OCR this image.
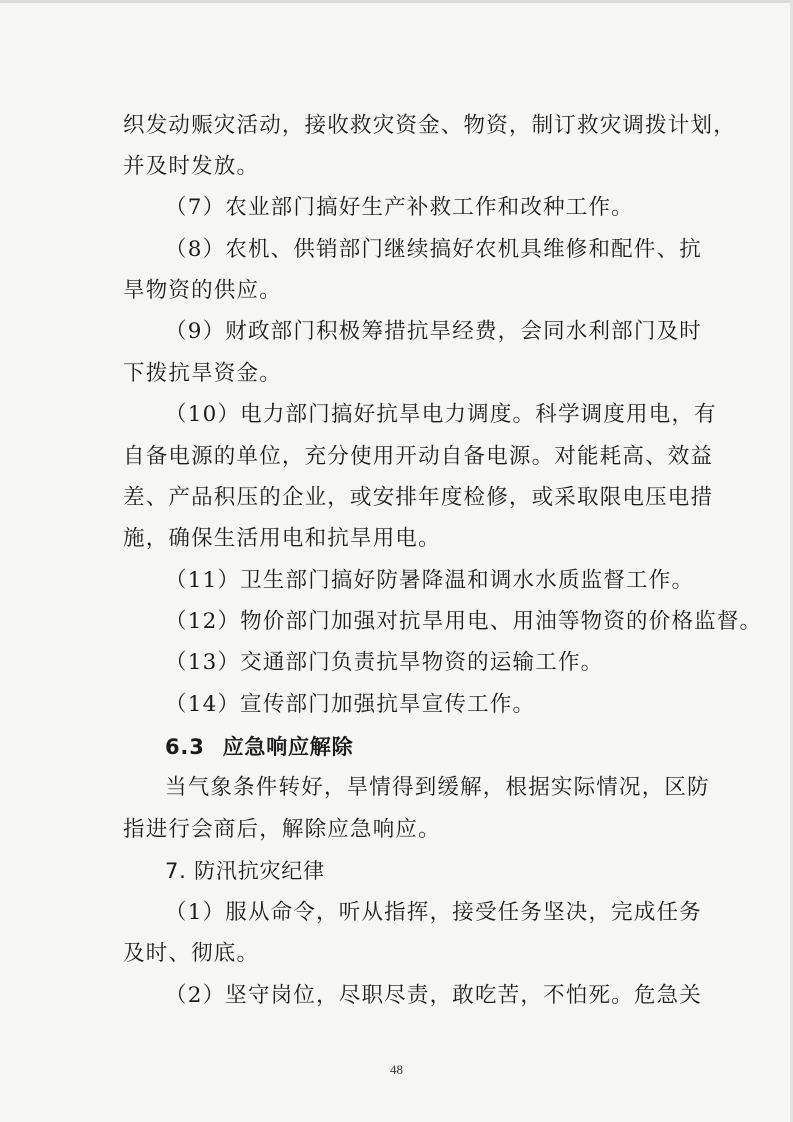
织发动赈灾活动，接收救灾资金、物资，制订救灾调拨计划，
并及时发放。
（7）农业部门搞好生产补救工作和改种工作。
（8）农机、供销部门继续搞好农机具维修和配件、抗
旱物资的供应。
（9）财政部门积极筹措抗旱经费，会同水利部门及时
下拨抗旱资金。
（10）电力部门搞好抗旱电力调度。科学调度用电，有
自备电源的单位，充分使用开动自备电源。对能耗高、效益
差、产品积压的企业，或安排年度检修，或采取限电压电措
施，确保生活用电和抗旱用电。
（11）卫生部门搞好防暑降温和调水水质监督工作。
（12）物价部门加强对抗旱用电、用油等物资的价格监督。
（13）交通部门负责抗旱物资的运输工作。
（14）宣传部门加强抗旱宣传工作。
6.3 应急响应解除
当气象条件转好，旱情得到缓解，根据实际情况，区防
指进行会商后，解除应急响应。
7. 防汛抗灾纪律
（1）服从命令，听从指挥，接受任务坚决，完成任务
及时、彻底。
（2）坚守岗位，尽职尽责，敢吃苦，不怕死。危急关
48
